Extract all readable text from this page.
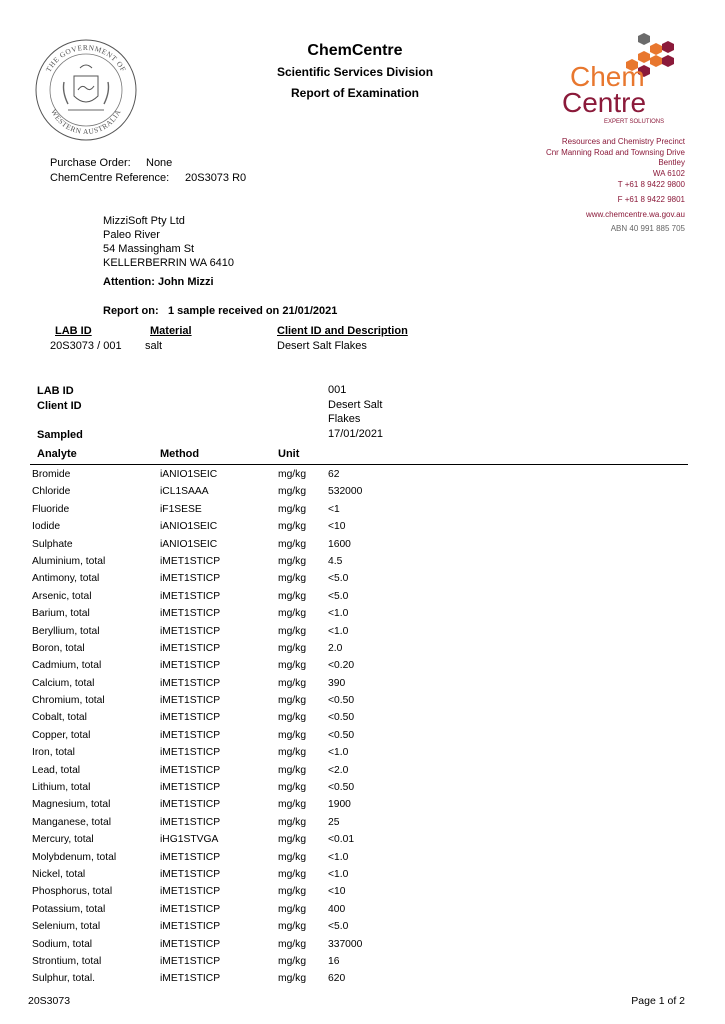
THE GOVERNMENT OF
WESTERN AUSTRALIA
ChemCentre
Scientific Services Division
Report of Examination
Chem
Centre
EXPERT SOLUTIONS
Resources and Chemistry Precinct
Cnr Manning Road and Townsing Drive
Bentley
WA 6102
T +61 8 9422 9800
F +61 8 9422 9801
www.chemcentre.wa.gov.au
ABN 40 991 885 705
Purchase Order: None
ChemCentre Reference: 20S3073 R0
MizziSoft Pty Ltd
Paleo River
54 Massingham St
KELLERBERRIN WA 6410
Attention: John Mizzi
Report on: 1 sample received on 21/01/2021
LAB ID	Material	Client ID and Description
20S3073 / 001 salt	Desert Salt Flakes
LAB ID	001
Client ID	Desert Salt
Flakes
Sampled	17/01/2021
Analyte	Method	Unit
Bromide	iANIO1SEIC	mg/kg 62
Chloride	iCL1SAAA	mg/kg 532000
Fluoride	iF1SESE	mg/kg <1
Iodide	iANIO1SEIC	mg/kg <10
Sulphate	iANIO1SEIC	mg/kg 1600
Aluminium, total	iMET1STICP	mg/kg 4.5
Antimony, total	iMET1STICP	mg/kg <5.0
Arsenic, total	iMET1STICP	mg/kg <5.0
Barium, total	iMET1STICP	mg/kg <1.0
Beryllium, total	iMET1STICP	mg/kg <1.0
Boron, total	iMET1STICP	mg/kg 2.0
Cadmium, total	iMET1STICP	mg/kg <0.20
Calcium, total	iMET1STICP	mg/kg 390
Chromium, total	iMET1STICP	mg/kg <0.50
Cobalt, total	iMET1STICP	mg/kg <0.50
Copper, total	iMET1STICP	mg/kg <0.50
Iron, total	iMET1STICP	mg/kg <1.0
Lead, total	iMET1STICP	mg/kg <2.0
Lithium, total	iMET1STICP	mg/kg <0.50
Magnesium, total	iMET1STICP	mg/kg 1900
Manganese, total	iMET1STICP	mg/kg 25
Mercury, total	iHG1STVGA	mg/kg <0.01
Molybdenum, total	iMET1STICP	mg/kg <1.0
Nickel, total	iMET1STICP	mg/kg <1.0
Phosphorus, total	iMET1STICP	mg/kg <10
Potassium, total	iMET1STICP	mg/kg 400
Selenium, total	iMET1STICP	mg/kg <5.0
Sodium, total	iMET1STICP	mg/kg 337000
Strontium, total	iMET1STICP	mg/kg 16
Sulphur, total.	iMET1STICP	mg/kg 620
20S3073	Page 1 of 2
